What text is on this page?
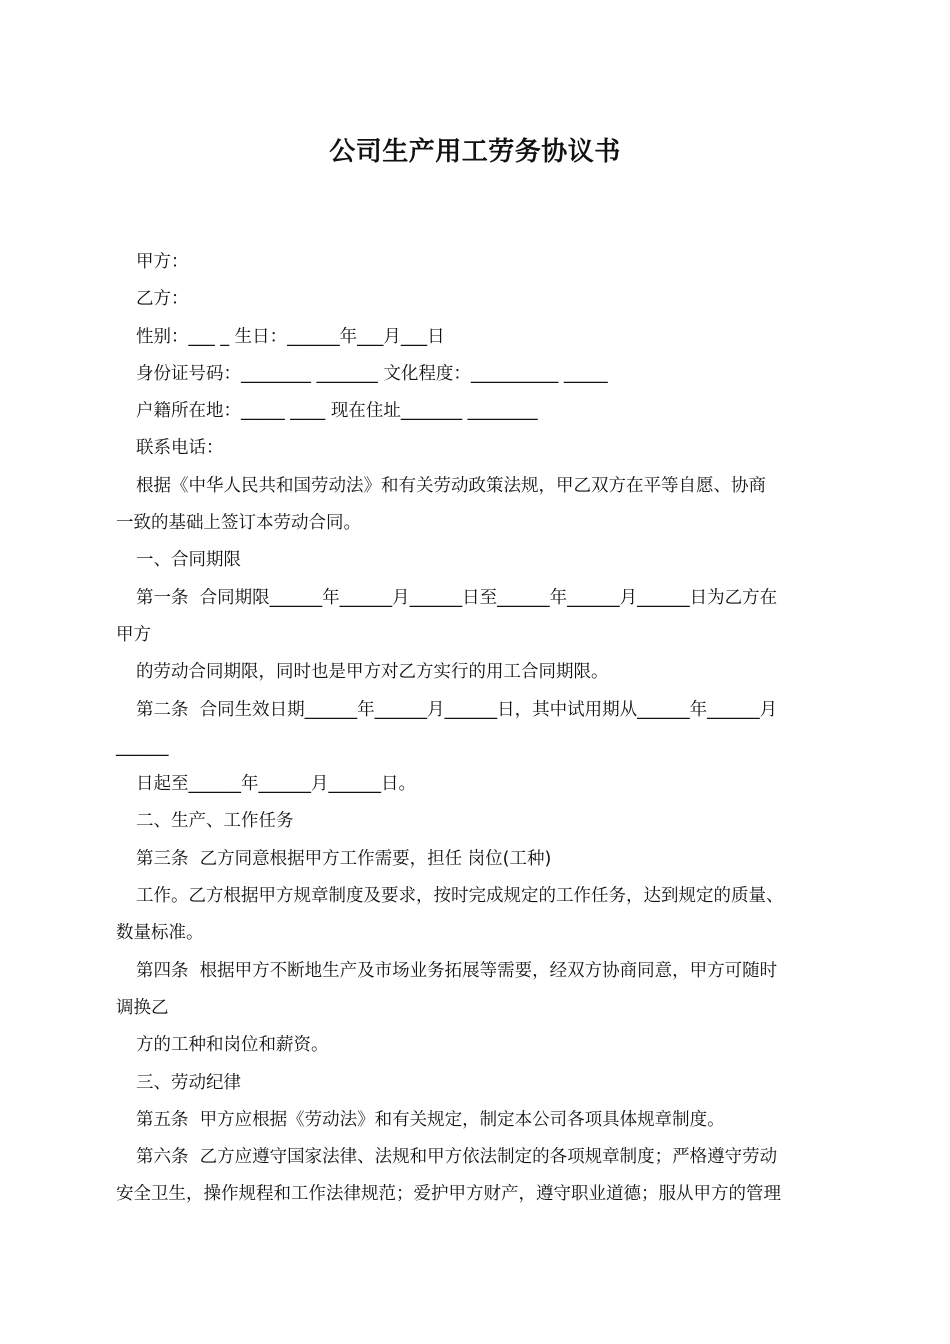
公司生产用工劳务协议书
甲方：
乙方：
性别：___ _ 生日：______年___月___日
身份证号码：________ _______ 文化程度：__________ _____
户籍所在地：_____ ____ 现在住址_______ ________
联系电话：
根据《中华人民共和国劳动法》和有关劳动政策法规，甲乙双方在平等自愿、协商
一致的基础上签订本劳动合同。
一、合同期限
第一条  合同期限______年______月______日至______年______月______日为乙方在
甲方
的劳动合同期限，同时也是甲方对乙方实行的用工合同期限。
第二条  合同生效日期______年______月______日，其中试用期从______年______月
______
日起至______年______月______日。
二、生产、工作任务
第三条  乙方同意根据甲方工作需要，担任 岗位(工种)
工作。乙方根据甲方规章制度及要求，按时完成规定的工作任务，达到规定的质量、
数量标准。
第四条  根据甲方不断地生产及市场业务拓展等需要，经双方协商同意，甲方可随时
调换乙
方的工种和岗位和薪资。
三、劳动纪律
第五条  甲方应根据《劳动法》和有关规定，制定本公司各项具体规章制度。
第六条  乙方应遵守国家法律、法规和甲方依法制定的各项规章制度；严格遵守劳动
安全卫生，操作规程和工作法律规范；爱护甲方财产，遵守职业道德；服从甲方的管理
